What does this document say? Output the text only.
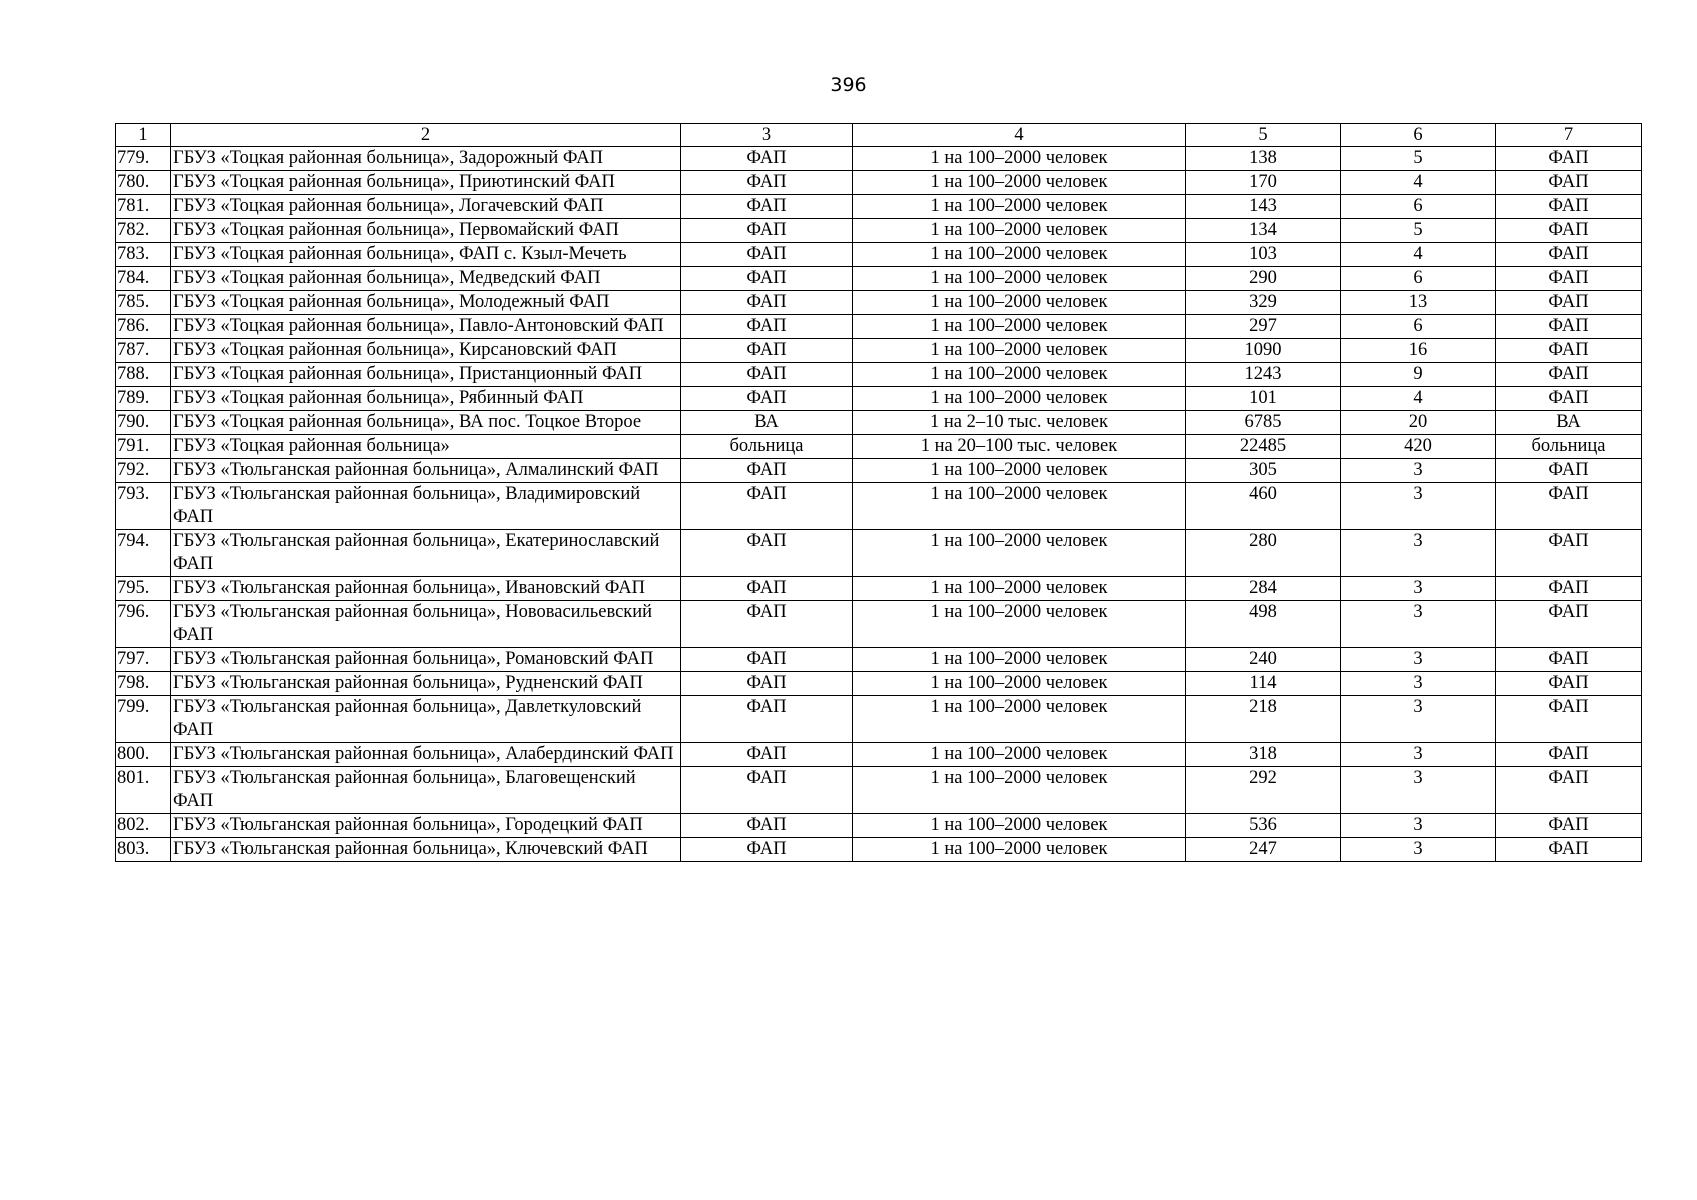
396
1	2	3	4	5	6	7
779.	ГБУЗ «Тоцкая районная больница», Задорожный ФАП	ФАП	1 на 100–2000 человек	138	5	ФАП
780.	ГБУЗ «Тоцкая районная больница», Приютинский ФАП	ФАП	1 на 100–2000 человек	170	4	ФАП
781.	ГБУЗ «Тоцкая районная больница», Логачевский ФАП	ФАП	1 на 100–2000 человек	143	6	ФАП
782.	ГБУЗ «Тоцкая районная больница», Первомайский ФАП	ФАП	1 на 100–2000 человек	134	5	ФАП
783.	ГБУЗ «Тоцкая районная больница», ФАП с. Кзыл-Мечеть	ФАП	1 на 100–2000 человек	103	4	ФАП
784.	ГБУЗ «Тоцкая районная больница», Медведский ФАП	ФАП	1 на 100–2000 человек	290	6	ФАП
785.	ГБУЗ «Тоцкая районная больница», Молодежный ФАП	ФАП	1 на 100–2000 человек	329	13	ФАП
786.	ГБУЗ «Тоцкая районная больница», Павло-Антоновский ФАП	ФАП	1 на 100–2000 человек	297	6	ФАП
787.	ГБУЗ «Тоцкая районная больница», Кирсановский ФАП	ФАП	1 на 100–2000 человек	1090	16	ФАП
788.	ГБУЗ «Тоцкая районная больница», Пристанционный ФАП	ФАП	1 на 100–2000 человек	1243	9	ФАП
789.	ГБУЗ «Тоцкая районная больница», Рябинный ФАП	ФАП	1 на 100–2000 человек	101	4	ФАП
790.	ГБУЗ «Тоцкая районная больница», ВА пос. Тоцкое Второе	ВА	1 на 2–10 тыс. человек	6785	20	ВА
791.	ГБУЗ «Тоцкая районная больница»	больница	1 на 20–100 тыс. человек	22485	420	больница
792.	ГБУЗ «Тюльганская районная больница», Алмалинский ФАП	ФАП	1 на 100–2000 человек	305	3	ФАП
793.	ГБУЗ «Тюльганская районная больница», Владимировский ФАП	ФАП	1 на 100–2000 человек	460	3	ФАП
794.	ГБУЗ «Тюльганская районная больница», Екатеринославский ФАП	ФАП	1 на 100–2000 человек	280	3	ФАП
795.	ГБУЗ «Тюльганская районная больница», Ивановский ФАП	ФАП	1 на 100–2000 человек	284	3	ФАП
796.	ГБУЗ «Тюльганская районная больница», Нововасильевский ФАП	ФАП	1 на 100–2000 человек	498	3	ФАП
797.	ГБУЗ «Тюльганская районная больница», Романовский ФАП	ФАП	1 на 100–2000 человек	240	3	ФАП
798.	ГБУЗ «Тюльганская районная больница», Рудненский ФАП	ФАП	1 на 100–2000 человек	114	3	ФАП
799.	ГБУЗ «Тюльганская районная больница», Давлеткуловский ФАП	ФАП	1 на 100–2000 человек	218	3	ФАП
800.	ГБУЗ «Тюльганская районная больница», Алабердинский ФАП	ФАП	1 на 100–2000 человек	318	3	ФАП
801.	ГБУЗ «Тюльганская районная больница», Благовещенский ФАП	ФАП	1 на 100–2000 человек	292	3	ФАП
802.	ГБУЗ «Тюльганская районная больница», Городецкий ФАП	ФАП	1 на 100–2000 человек	536	3	ФАП
803.	ГБУЗ «Тюльганская районная больница», Ключевский ФАП	ФАП	1 на 100–2000 человек	247	3	ФАП
